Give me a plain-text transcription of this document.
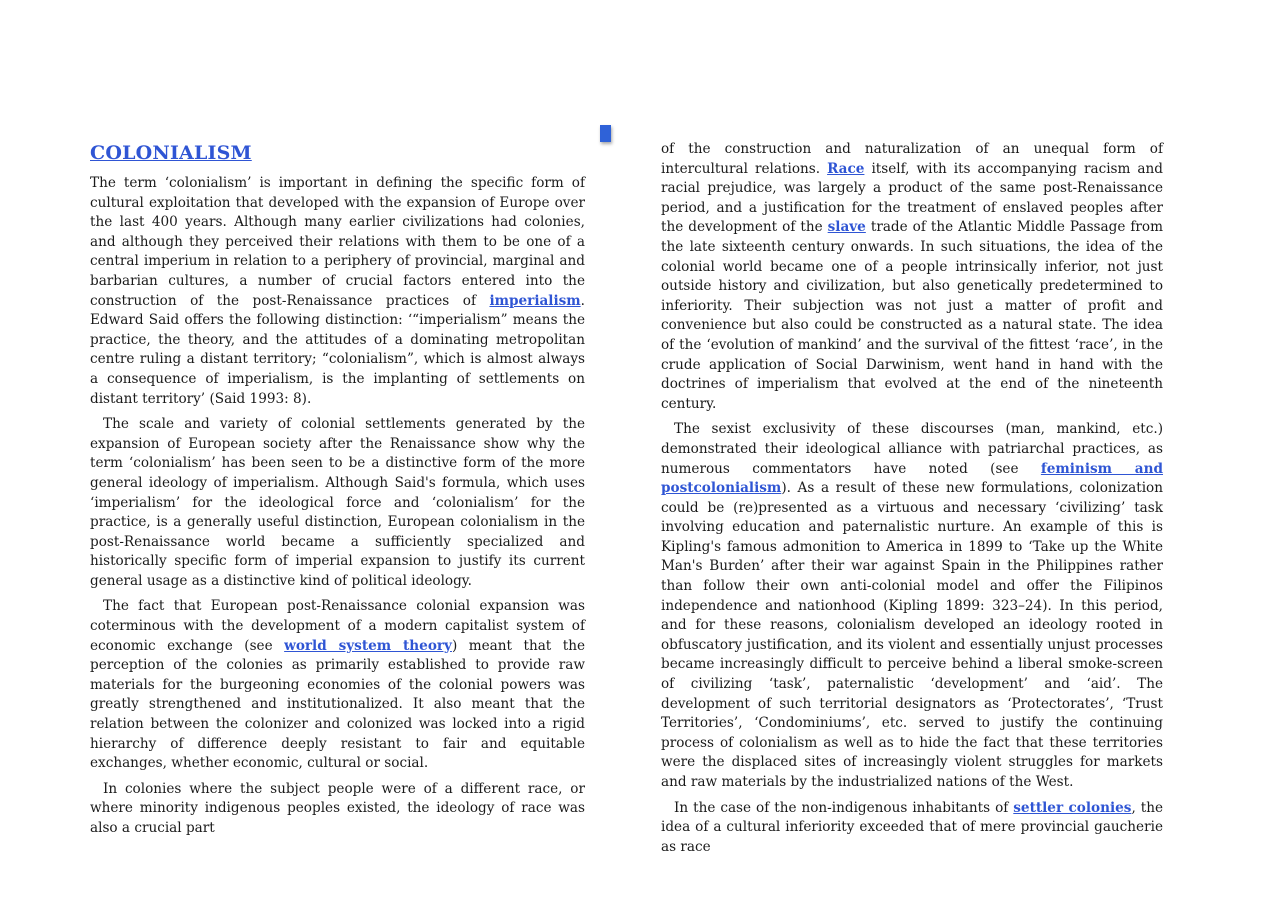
COLONIALISM

The term ‘colonialism’ is important in defining the specific form of cultural exploitation that developed with the expansion of Europe over the last 400 years. Although many earlier civilizations had colonies, and although they perceived their relations with them to be one of a central imperium in relation to a periphery of provincial, marginal and barbarian cultures, a number of crucial factors entered into the construction of the post-Renaissance practices of imperialism. Edward Said offers the following distinction: ‘“imperialism” means the practice, the theory, and the attitudes of a dominating metropolitan centre ruling a distant territory; “colonialism”, which is almost always a consequence of imperialism, is the implanting of settlements on distant territory’ (Said 1993: 8).

The scale and variety of colonial settlements generated by the expansion of European society after the Renaissance show why the term ‘colonialism’ has been seen to be a distinctive form of the more general ideology of imperialism. Although Said's formula, which uses ‘imperialism’ for the ideological force and ‘colonialism’ for the practice, is a generally useful distinction, European colonialism in the post-Renaissance world became a sufficiently specialized and historically specific form of imperial expansion to justify its current general usage as a distinctive kind of political ideology.

The fact that European post-Renaissance colonial expansion was coterminous with the development of a modern capitalist system of economic exchange (see world system theory) meant that the perception of the colonies as primarily established to provide raw materials for the burgeoning economies of the colonial powers was greatly strengthened and institutionalized. It also meant that the relation between the colonizer and colonized was locked into a rigid hierarchy of difference deeply resistant to fair and equitable exchanges, whether economic, cultural or social.

In colonies where the subject people were of a different race, or where minority indigenous peoples existed, the ideology of race was also a crucial part

of the construction and naturalization of an unequal form of intercultural relations. Race itself, with its accompanying racism and racial prejudice, was largely a product of the same post-Renaissance period, and a justification for the treatment of enslaved peoples after the development of the slave trade of the Atlantic Middle Passage from the late sixteenth century onwards. In such situations, the idea of the colonial world became one of a people intrinsically inferior, not just outside history and civilization, but also genetically predetermined to inferiority. Their subjection was not just a matter of profit and convenience but also could be constructed as a natural state. The idea of the ‘evolution of mankind’ and the survival of the fittest ‘race’, in the crude application of Social Darwinism, went hand in hand with the doctrines of imperialism that evolved at the end of the nineteenth century.

The sexist exclusivity of these discourses (man, mankind, etc.) demonstrated their ideological alliance with patriarchal practices, as numerous commentators have noted (see feminism and postcolonialism). As a result of these new formulations, colonization could be (re)presented as a virtuous and necessary ‘civilizing’ task involving education and paternalistic nurture. An example of this is Kipling's famous admonition to America in 1899 to ‘Take up the White Man's Burden’ after their war against Spain in the Philippines rather than follow their own anti-colonial model and offer the Filipinos independence and nationhood (Kipling 1899: 323–24). In this period, and for these reasons, colonialism developed an ideology rooted in obfuscatory justification, and its violent and essentially unjust processes became increasingly difficult to perceive behind a liberal smoke-screen of civilizing ‘task’, paternalistic ‘development’ and ‘aid’. The development of such territorial designators as ‘Protectorates’, ‘Trust Territories’, ‘Condominiums’, etc. served to justify the continuing process of colonialism as well as to hide the fact that these territories were the displaced sites of increasingly violent struggles for markets and raw materials by the industrialized nations of the West.

In the case of the non-indigenous inhabitants of settler colonies, the idea of a cultural inferiority exceeded that of mere provincial gaucherie as race
